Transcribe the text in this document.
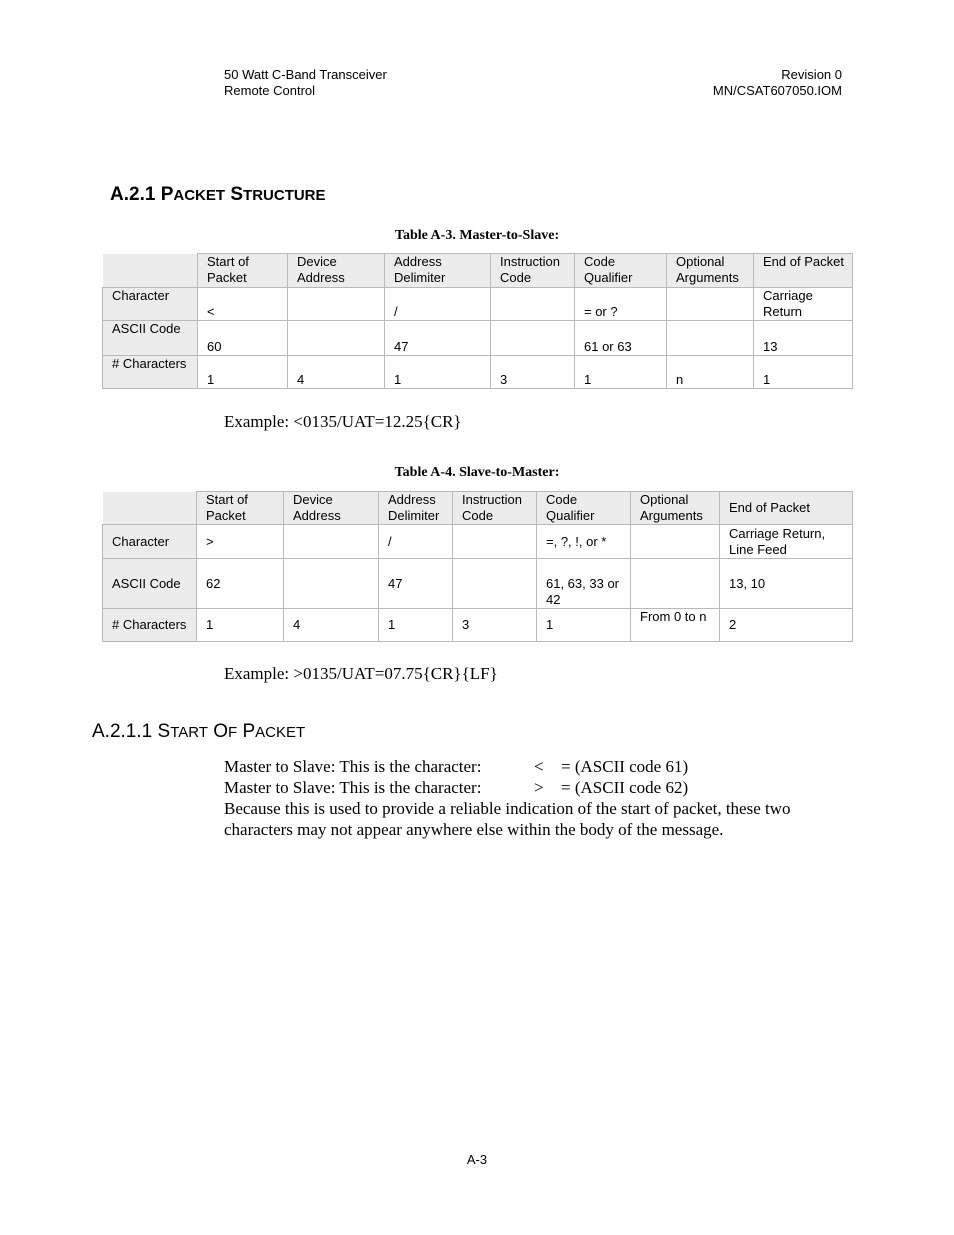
50 Watt C-Band Transceiver
Remote Control
Revision 0
MN/CSAT607050.IOM
A.2.1 PACKET STRUCTURE
Table A-3. Master-to-Slave:
	Start of Packet	Device Address	Address Delimiter	Instruction Code	Code Qualifier	Optional Arguments	End of Packet
Character	<		/		= or ?		Carriage Return
ASCII Code	60		47		61 or 63		13
# Characters	1	4	1	3	1	n	1
Example: <0135/UAT=12.25{CR}
Table A-4. Slave-to-Master:
	Start of Packet	Device Address	Address Delimiter	Instruction Code	Code Qualifier	Optional Arguments	End of Packet
Character	>		/		=, ?, !, or *		Carriage Return, Line Feed
ASCII Code	62		47		61, 63, 33 or 42		13, 10
# Characters	1	4	1	3	1	From 0 to n	2
Example: >0135/UAT=07.75{CR}{LF}
A.2.1.1 START OF PACKET
Master to Slave: This is the character:	< = (ASCII code 61)
Master to Slave: This is the character:	> = (ASCII code 62)
Because this is used to provide a reliable indication of the start of packet, these two characters may not appear anywhere else within the body of the message.
A-3
